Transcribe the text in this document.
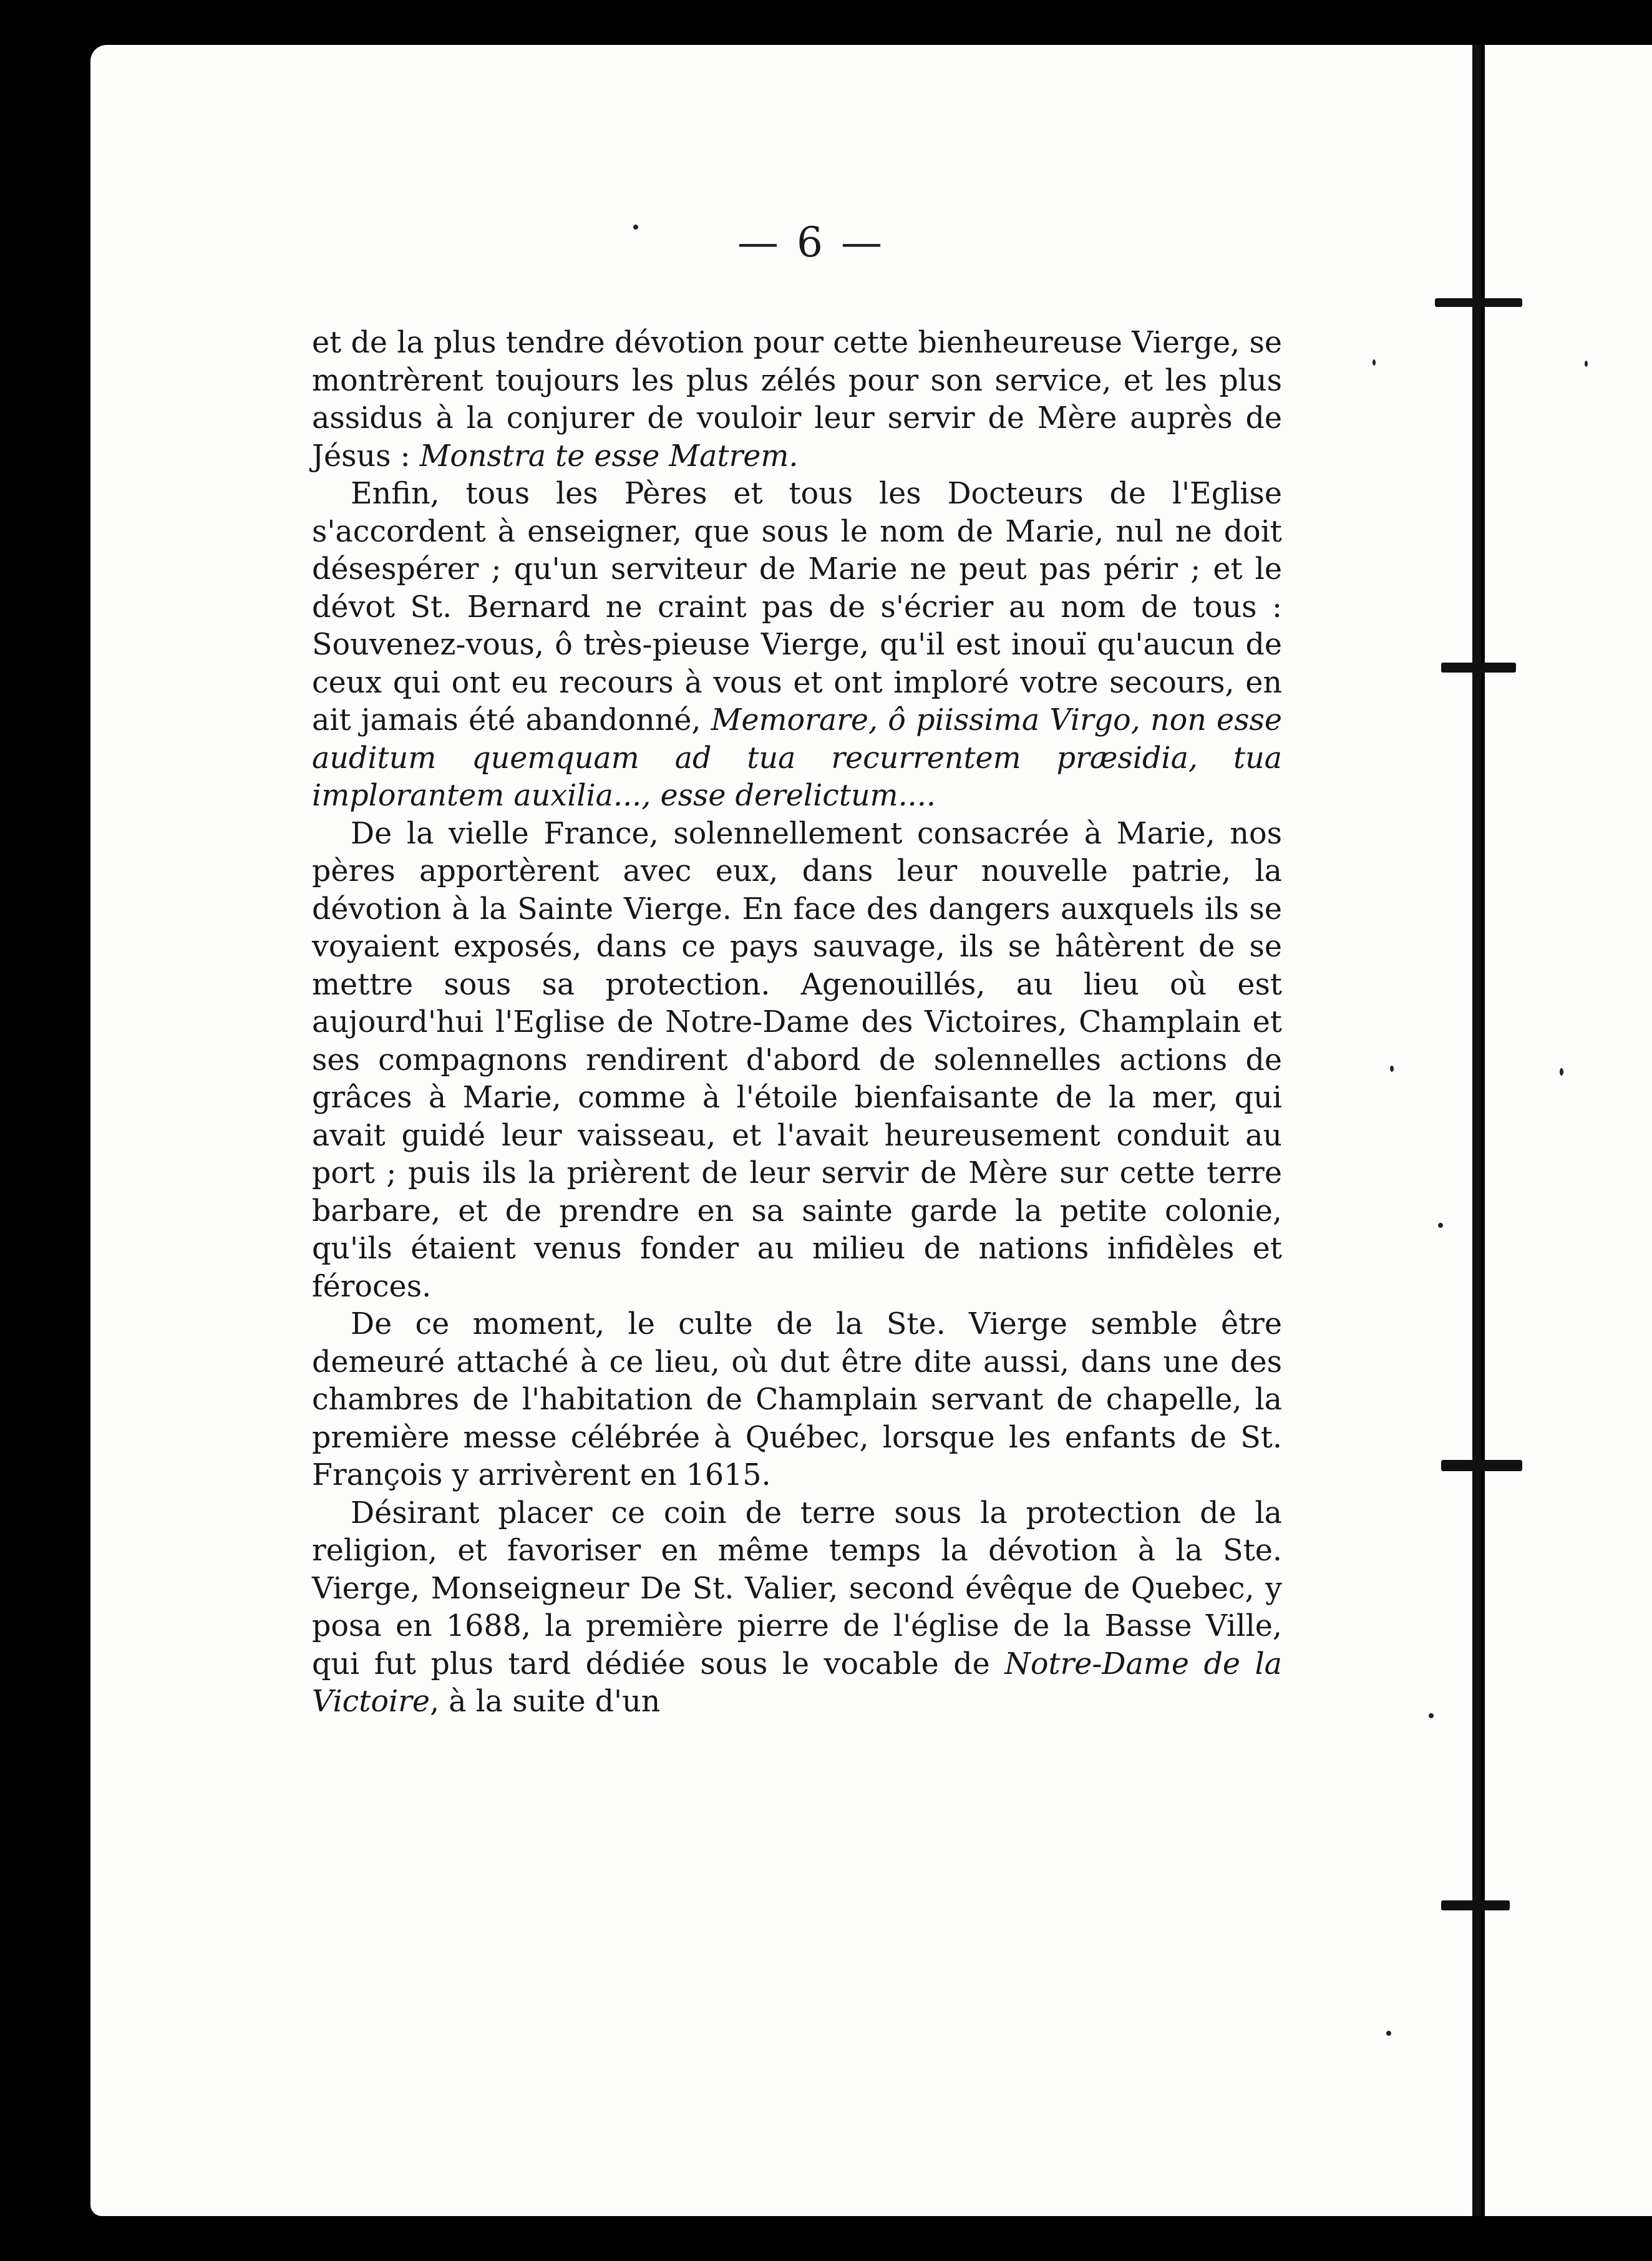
— 6 —

et de la plus tendre dévotion pour cette bienheureuse Vierge, se montrèrent toujours les plus zélés pour son service, et les plus assidus à la conjurer de vouloir leur servir de Mère auprès de Jésus : Monstra te esse Matrem.

Enfin, tous les Pères et tous les Docteurs de l'Eglise s'accordent à enseigner, que sous le nom de Marie, nul ne doit désespérer ; qu'un serviteur de Marie ne peut pas périr ; et le dévot St. Bernard ne craint pas de s'écrier au nom de tous : Souvenez-vous, ô très-pieuse Vierge, qu'il est inouï qu'aucun de ceux qui ont eu recours à vous et ont imploré votre secours, en ait jamais été abandonné, Memorare, ô piissima Virgo, non esse auditum quemquam ad tua recurrentem præsidia, tua implorantem auxilia..., esse derelictum....

De la vielle France, solennellement consacrée à Marie, nos pères apportèrent avec eux, dans leur nouvelle patrie, la dévotion à la Sainte Vierge. En face des dangers auxquels ils se voyaient exposés, dans ce pays sauvage, ils se hâtèrent de se mettre sous sa protection. Agenouillés, au lieu où est aujourd'hui l'Eglise de Notre-Dame des Victoires, Champlain et ses compagnons rendirent d'abord de solennelles actions de grâces à Marie, comme à l'étoile bienfaisante de la mer, qui avait guidé leur vaisseau, et l'avait heureusement conduit au port ; puis ils la prièrent de leur servir de Mère sur cette terre barbare, et de prendre en sa sainte garde la petite colonie, qu'ils étaient venus fonder au milieu de nations infidèles et féroces.

De ce moment, le culte de la Ste. Vierge semble être demeuré attaché à ce lieu, où dut être dite aussi, dans une des chambres de l'habitation de Champlain servant de chapelle, la première messe célébrée à Québec, lorsque les enfants de St. François y arrivèrent en 1615.

Désirant placer ce coin de terre sous la protection de la religion, et favoriser en même temps la dévotion à la Ste. Vierge, Monseigneur De St. Valier, second évêque de Quebec, y posa en 1688, la première pierre de l'église de la Basse Ville, qui fut plus tard dédiée sous le vocable de Notre-Dame de la Victoire, à la suite d'un
